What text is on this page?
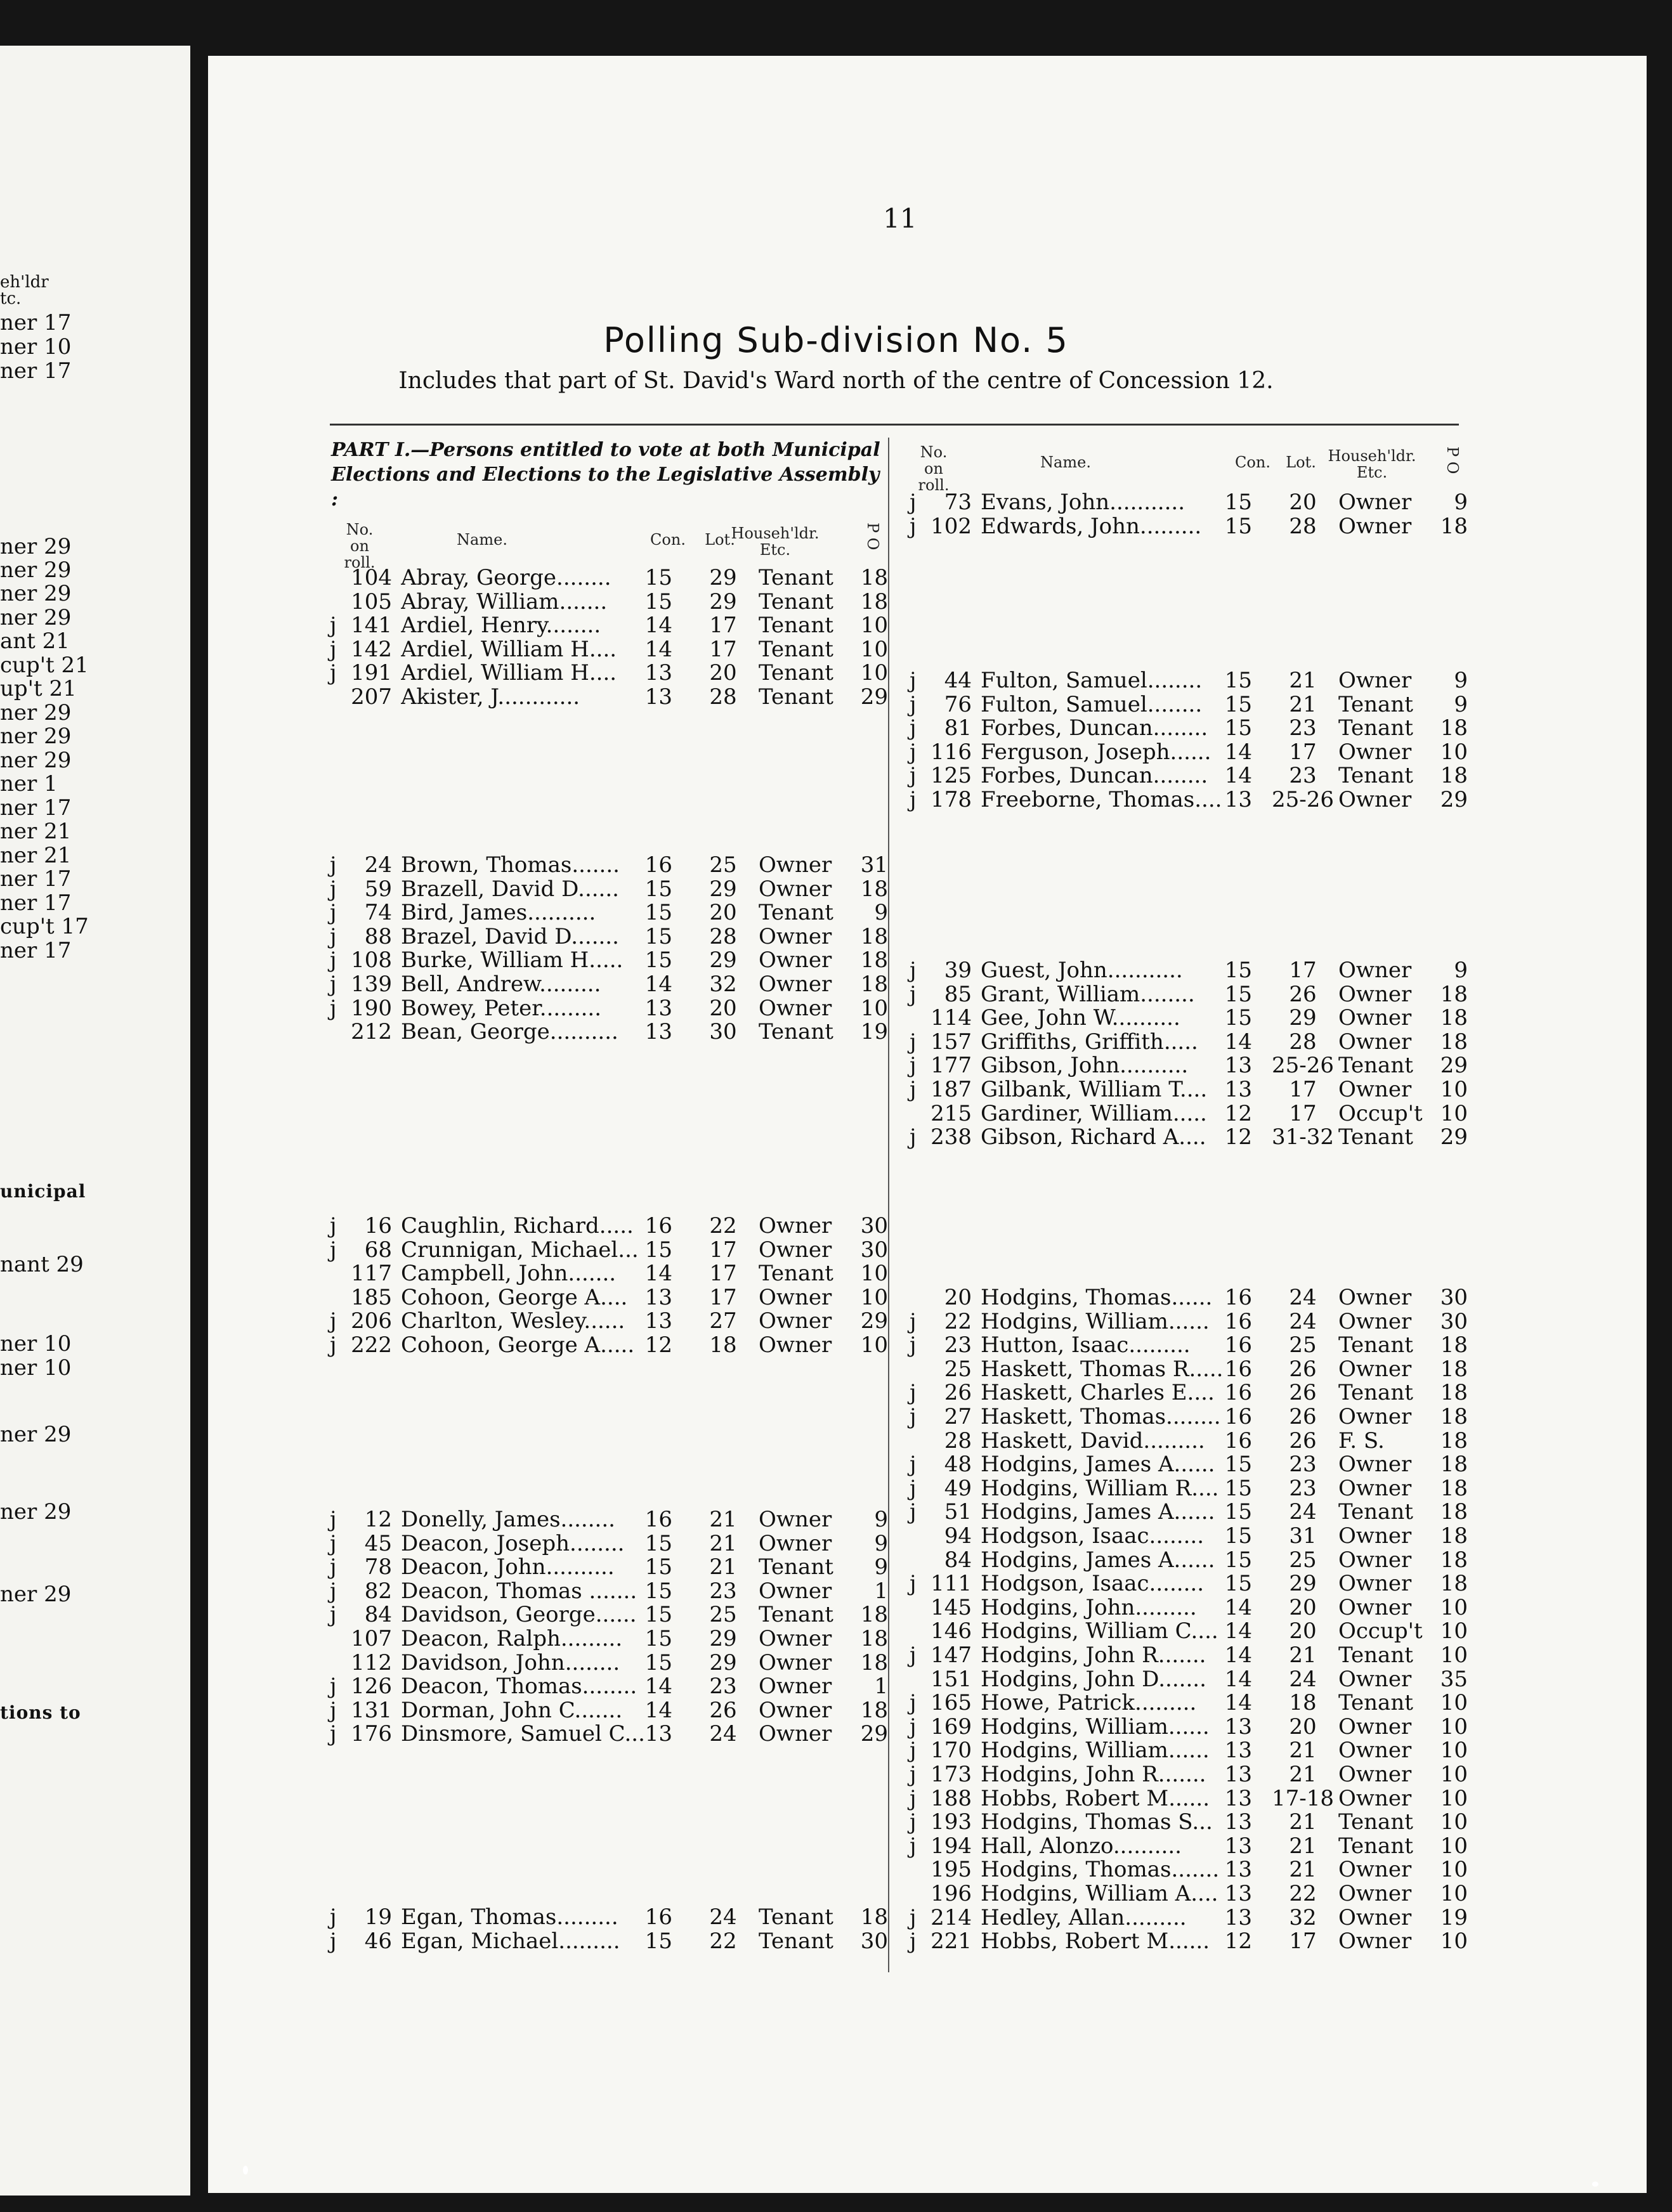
eh'ldr
tc.
ner 17
ner 10
ner 17
ner 29
ner 29
ner 29
ner 29
ant 21
cup't 21
up't 21
ner 29
ner 29
ner 29
ner 1
ner 17
ner 21
ner 21
ner 17
ner 17
cup't 17
ner 17
unicipal
nant 29
ner 10
ner 10
ner 29
ner 29
ner 29
tions to
11
Polling Sub-division No. 5
Includes that part of St. David's Ward north of the centre of Concession 12.
PART I.—Persons entitled to vote at both Municipal Elections and Elections to the Legislative Assembly :
No. on roll.
Name.	Con.	Lot.
Househ'ldr. Etc.	P O
No. on roll.
Name.	Con.	Lot. Househ'ldr. Etc.	P O
104 Abray, George........	15	29	Tenant	18
105 Abray, William.......	15	29	Tenant	18
j 141 Ardiel, Henry........	14	17	Tenant	10
j 142 Ardiel, William H....	14	17	Tenant	10
j 191 Ardiel, William H....	13	20	Tenant	10
207 Akister, J............	13	28	Tenant	29
j	24 Brown, Thomas.......	16	25	Owner	31
j	59 Brazell, David D......	15	29	Owner	18
j	74 Bird, James..........	15	20	Tenant	9
j	88 Brazel, David D.......	15	28	Owner	18
j 108 Burke, William H.....	15	29	Owner	18
j 139 Bell, Andrew.........	14	32	Owner	18
j 190 Bowey, Peter.........	13	20	Owner	10
212 Bean, George..........	13	30	Tenant	19
j	16 Caughlin, Richard..... 16	22	Owner	30
j	68 Crunnigan, Michael... 15	17	Owner	30
117 Campbell, John.......	14	17	Tenant	10
185 Cohoon, George A.... 13	17	Owner	10
j 206 Charlton, Wesley...... 13	27	Owner	29
j 222 Cohoon, George A..... 12	18	Owner	10
j	12 Donelly, James........	16	21	Owner	9
j	45 Deacon, Joseph........ 15	21	Owner	9
j	78 Deacon, John..........	15	21	Tenant	9
j	82 Deacon, Thomas ....... 15	23	Owner	1
j	84 Davidson, George...... 15	25	Tenant	18
107 Deacon, Ralph.........	15	29	Owner	18
112 Davidson, John........	15	29	Owner	18
j 126 Deacon, Thomas........ 14	23	Owner	1
j 131 Dorman, John C.......	14	26	Owner	18
j 176 Dinsmore, Samuel C... 13	24	Owner	29
j	19 Egan, Thomas.........	16	24	Tenant	18
j	46 Egan, Michael.........	15	22	Tenant	30
j	73 Evans, John...........	15	20	Owner	9
j 102 Edwards, John.........	15	28	Owner	18
j	44 Fulton, Samuel........	15	21	Owner	9
j	76 Fulton, Samuel........	15	21	Tenant	9
j	81 Forbes, Duncan........ 15	23	Tenant	18
j 116 Ferguson, Joseph...... 14	17	Owner	10
j 125 Forbes, Duncan........ 14	23	Tenant	18
j 178 Freeborne, Thomas.... 13 25-26 Owner	29
j	39 Guest, John...........	15	17	Owner	9
j	85 Grant, William........	15	26	Owner	18
114 Gee, John W..........	15	29	Owner	18
j 157 Griffiths, Griffith.....	14	28	Owner	18
j 177 Gibson, John..........	13 25-26 Tenant	29
j 187 Gilbank, William T.... 13	17	Owner	10
215 Gardiner, William..... 12	17	Occup't 10
j 238 Gibson, Richard A.... 12 31-32 Tenant	29
20 Hodgins, Thomas...... 16	24	Owner	30
j	22 Hodgins, William...... 16	24	Owner	30
j	23 Hutton, Isaac.........	16	25	Tenant	18
25 Haskett, Thomas R..... 16	26	Owner	18
j	26 Haskett, Charles E.... 16	26	Tenant	18
j	27 Haskett, Thomas........ 16	26	Owner	18
28 Haskett, David......... 16	26	F. S.	18
j	48 Hodgins, James A...... 15	23	Owner	18
j	49 Hodgins, William R.... 15	23	Owner	18
j	51 Hodgins, James A...... 15	24	Tenant	18
94 Hodgson, Isaac........ 15	31	Owner	18
84 Hodgins, James A...... 15	25	Owner	18
j 111 Hodgson, Isaac........ 15	29	Owner	18
145 Hodgins, John.........	14	20	Owner	10
146 Hodgins, William C.... 14	20	Occup't 10
j 147 Hodgins, John R....... 14	21	Tenant	10
151 Hodgins, John D....... 14	24	Owner	35
j 165 Howe, Patrick.........	14	18	Tenant	10
j 169 Hodgins, William...... 13	20	Owner	10
j 170 Hodgins, William...... 13	21	Owner	10
j 173 Hodgins, John R....... 13	21	Owner	10
j 188 Hobbs, Robert M...... 13 17-18 Owner	10
j 193 Hodgins, Thomas S... 13	21	Tenant	10
j 194 Hall, Alonzo..........	13	21	Tenant	10
195 Hodgins, Thomas....... 13	21	Owner	10
196 Hodgins, William A.... 13	22	Owner	10
j 214 Hedley, Allan.........	13	32	Owner	19
j 221 Hobbs, Robert M...... 12	17	Owner	10
